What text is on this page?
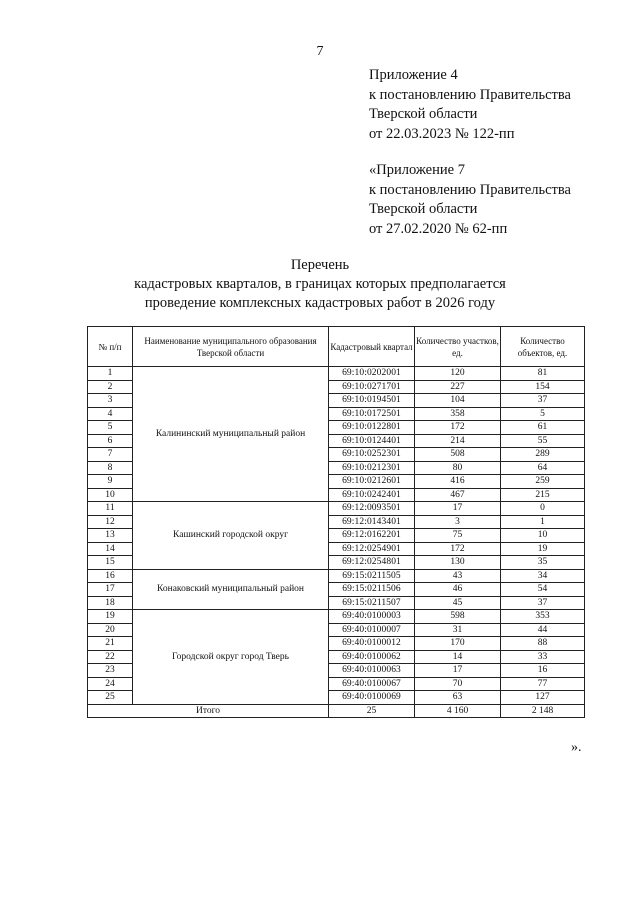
7
Приложение 4
к постановлению Правительства
Тверской области
от 22.03.2023 № 122-пп
«Приложение 7
к постановлению Правительства
Тверской области
от 27.02.2020 № 62-пп
Перечень
кадастровых кварталов, в границах которых предполагается
проведение комплексных кадастровых работ в 2026 году
№ п/п	Наименование муниципального образования Тверской области	Кадастровый квартал	Количество участков, ед.	Количество объектов, ед.
1	Калининский муниципальный район	69:10:0202001	120	81
2		69:10:0271701	227	154
3		69:10:0194501	104	37
4		69:10:0172501	358	5
5		69:10:0122801	172	61
6		69:10:0124401	214	55
7		69:10:0252301	508	289
8		69:10:0212301	80	64
9		69:10:0212601	416	259
10		69:10:0242401	467	215
11	Кашинский городской округ	69:12:0093501	17	0
12		69:12:0143401	3	1
13		69:12:0162201	75	10
14		69:12:0254901	172	19
15		69:12:0254801	130	35
16	Конаковский муниципальный район	69:15:0211505	43	34
17		69:15:0211506	46	54
18		69:15:0211507	45	37
19	Городской округ город Тверь	69:40:0100003	598	353
20		69:40:0100007	31	44
21		69:40:0100012	170	88
22		69:40:0100062	14	33
23		69:40:0100063	17	16
24		69:40:0100067	70	77
25		69:40:0100069	63	127
Итого		25	4 160	2 148
».
